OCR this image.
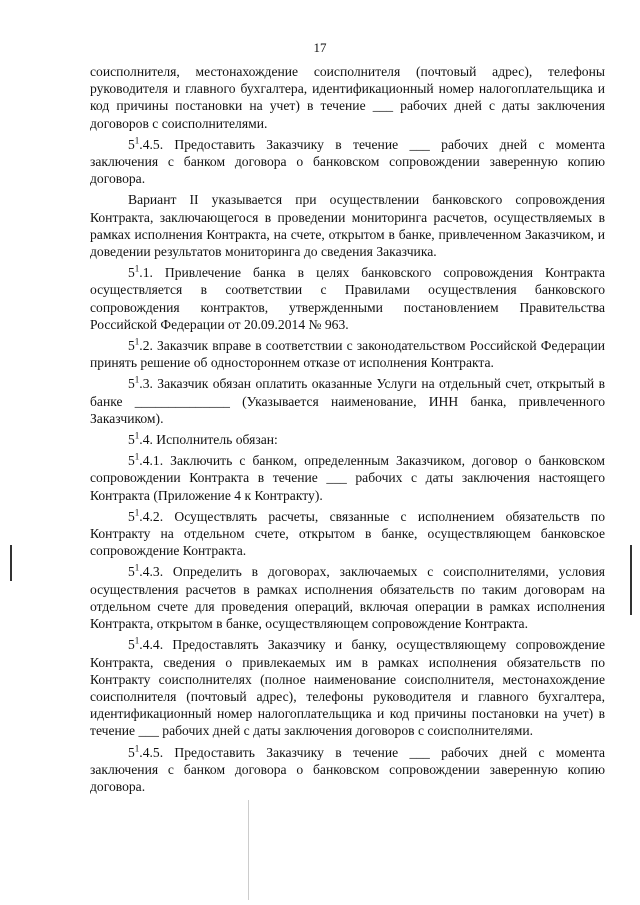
17

соисполнителя, местонахождение соисполнителя (почтовый адрес), телефоны руководителя и главного бухгалтера, идентификационный номер налогоплательщика и код причины постановки на учет) в течение ___ рабочих дней с даты заключения договоров с соисполнителями.

$5^1.4.5$. Предоставить Заказчику в течение ___ рабочих дней с момента заключения с банком договора о банковском сопровождении заверенную копию договора.

Вариант II указывается при осуществлении банковского сопровождения Контракта, заключающегося в проведении мониторинга расчетов, осуществляемых в рамках исполнения Контракта, на счете, открытом в банке, привлеченном Заказчиком, и доведении результатов мониторинга до сведения Заказчика.

$5^1.1$. Привлечение банка в целях банковского сопровождения Контракта осуществляется в соответствии с Правилами осуществления банковского сопровождения контрактов, утвержденными постановлением Правительства Российской Федерации от 20.09.2014 № 963.

$5^1.2$. Заказчик вправе в соответствии с законодательством Российской Федерации принять решение об одностороннем отказе от исполнения Контракта.

$5^1.3$. Заказчик обязан оплатить оказанные Услуги на отдельный счет, открытый в банке ______________ (Указывается наименование, ИНН банка, привлеченного Заказчиком).

$5^1.4$. Исполнитель обязан:

$5^1.4.1$. Заключить с банком, определенным Заказчиком, договор о банковском сопровождении Контракта в течение ___ рабочих с даты заключения настоящего Контракта (Приложение 4 к Контракту).

$5^1.4.2$. Осуществлять расчеты, связанные с исполнением обязательств по Контракту на отдельном счете, открытом в банке, осуществляющем банковское сопровождение Контракта.

$5^1.4.3$. Определить в договорах, заключаемых с соисполнителями, условия осуществления расчетов в рамках исполнения обязательств по таким договорам на отдельном счете для проведения операций, включая операции в рамках исполнения Контракта, открытом в банке, осуществляющем сопровождение Контракта.

$5^1.4.4$. Предоставлять Заказчику и банку, осуществляющему сопровождение Контракта, сведения о привлекаемых им в рамках исполнения обязательств по Контракту соисполнителях (полное наименование соисполнителя, местонахождение соисполнителя (почтовый адрес), телефоны руководителя и главного бухгалтера, идентификационный номер налогоплательщика и код причины постановки на учет) в течение ___ рабочих дней с даты заключения договоров с соисполнителями.

$5^1.4.5$. Предоставить Заказчику в течение ___ рабочих дней с момента заключения с банком договора о банковском сопровождении заверенную копию договора.
